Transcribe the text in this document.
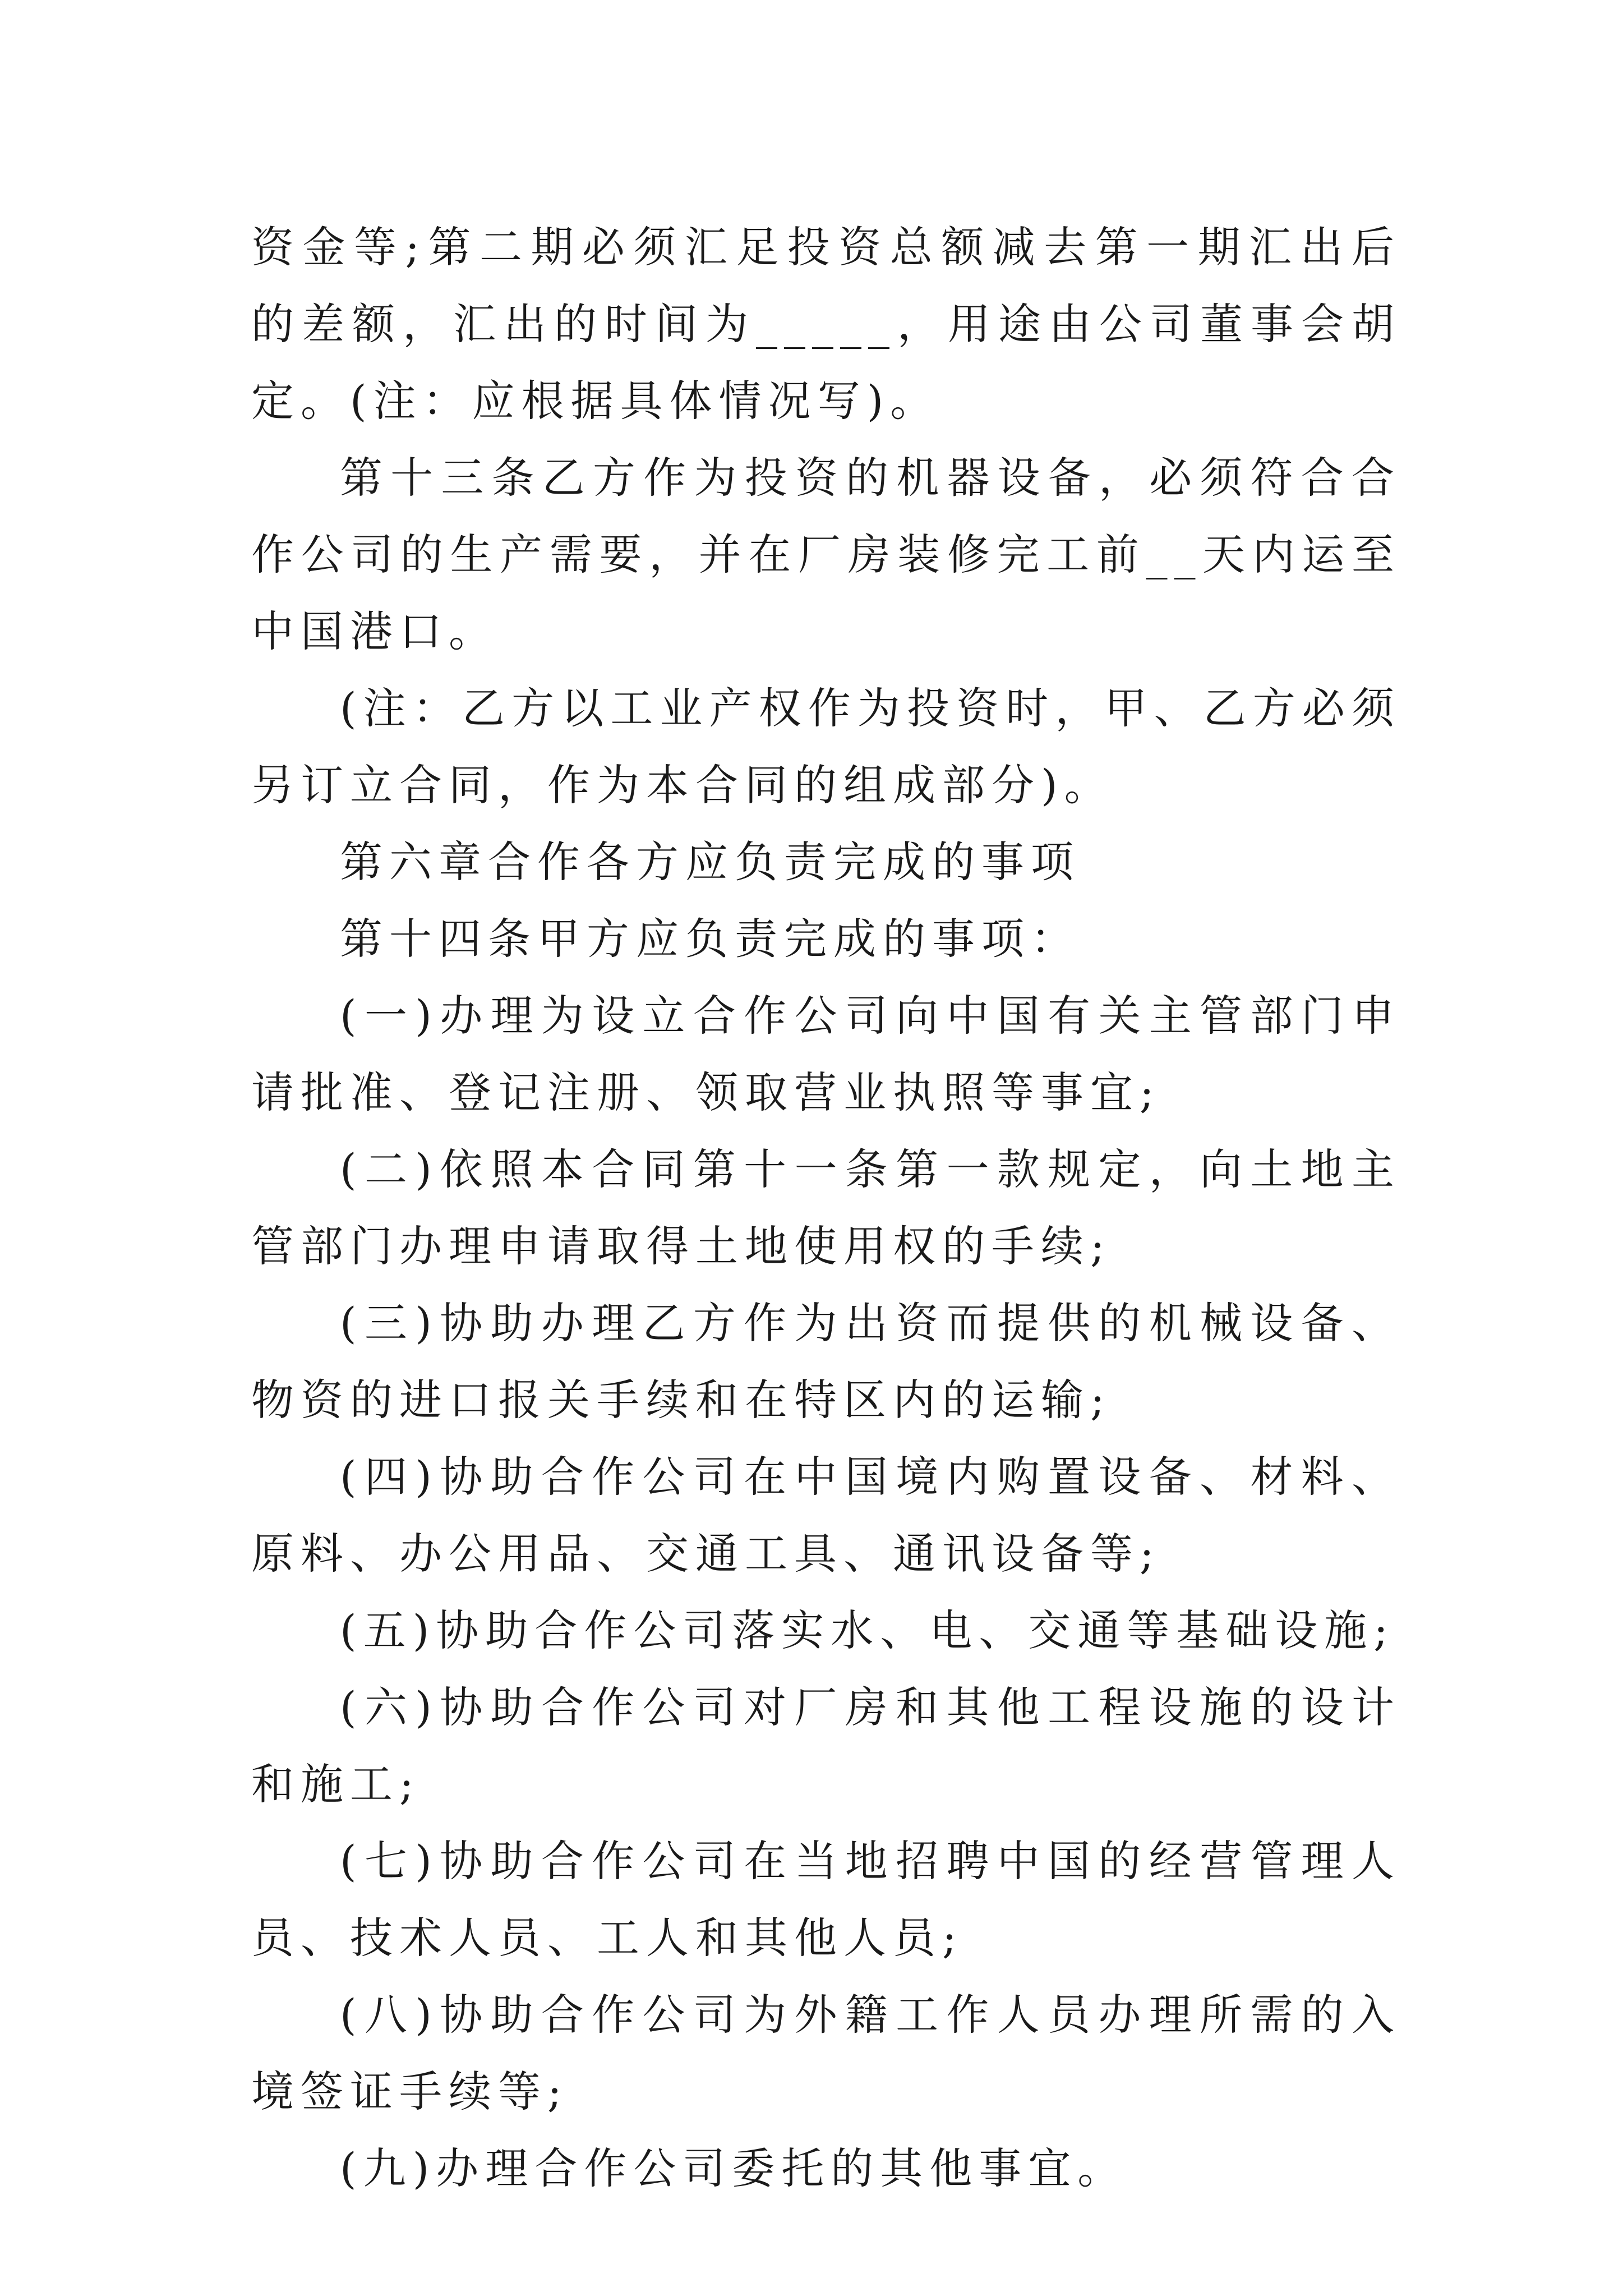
资金等;第二期必须汇足投资总额减去第一期汇出后的差额，汇出的时间为_____，用途由公司董事会胡定。(注：应根据具体情况写)。

第十三条乙方作为投资的机器设备，必须符合合作公司的生产需要，并在厂房装修完工前__天内运至中国港口。

(注：乙方以工业产权作为投资时，甲、乙方必须另订立合同，作为本合同的组成部分)。

第六章合作各方应负责完成的事项

第十四条甲方应负责完成的事项：

(一)办理为设立合作公司向中国有关主管部门申请批准、登记注册、领取营业执照等事宜;

(二)依照本合同第十一条第一款规定，向土地主管部门办理申请取得土地使用权的手续;

(三)协助办理乙方作为出资而提供的机械设备、物资的进口报关手续和在特区内的运输;

(四)协助合作公司在中国境内购置设备、材料、原料、办公用品、交通工具、通讯设备等;

(五)协助合作公司落实水、电、交通等基础设施;

(六)协助合作公司对厂房和其他工程设施的设计和施工;

(七)协助合作公司在当地招聘中国的经营管理人员、技术人员、工人和其他人员;

(八)协助合作公司为外籍工作人员办理所需的入境签证手续等;

(九)办理合作公司委托的其他事宜。
